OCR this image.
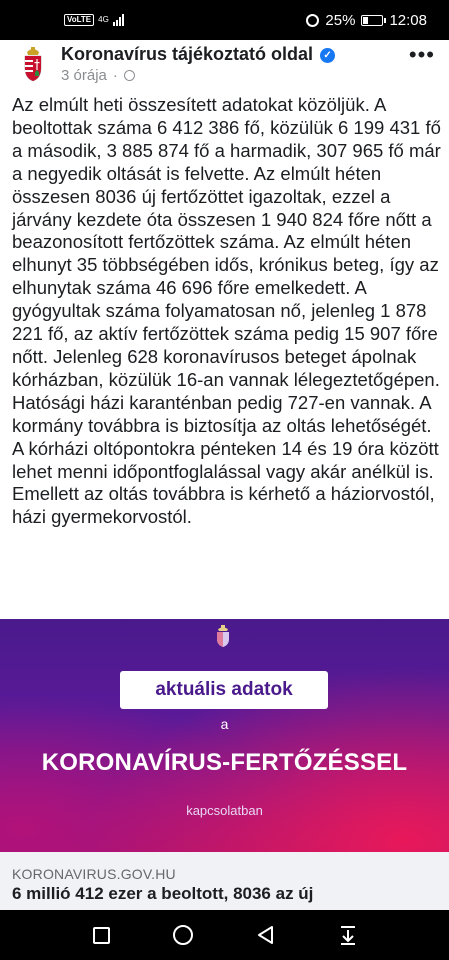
VoLTE 4G	25% 12:08
Koronavírus tájékoztató oldal ✓	•••
3 órája ·
Az elmúlt heti összesített adatokat közöljük. A beoltottak száma 6 412 386 fő, közülük 6 199 431 fő a második, 3 885 874 fő a harmadik, 307 965 fő már a negyedik oltását is felvette. Az elmúlt héten összesen 8036 új fertőzöttet igazoltak, ezzel a járvány kezdete óta összesen 1 940 824 főre nőtt a beazonosított fertőzöttek száma. Az elmúlt héten elhunyt 35 többségében idős, krónikus beteg, így az elhunytak száma 46 696 főre emelkedett. A gyógyultak száma folyamatosan nő, jelenleg 1 878 221 fő, az aktív fertőzöttek száma pedig 15 907 főre nőtt. Jelenleg 628 koronavírusos beteget ápolnak kórházban, közülük 16-an vannak lélegeztetőgépen. Hatósági házi karanténban pedig 727-en vannak. A kormány továbbra is biztosítja az oltás lehetőségét. A kórházi oltópontokra pénteken 14 és 19 óra között lehet menni időpontfoglalással vagy akár anélkül is. Emellett az oltás továbbra is kérhető a háziorvostól, házi gyermekorvostól.
aktuális adatok
a
KORONAVÍRUS-FERTŐZÉSSEL
kapcsolatban
KORONAVIRUS.GOV.HU
6 millió 412 ezer a beoltott, 8036 az új
